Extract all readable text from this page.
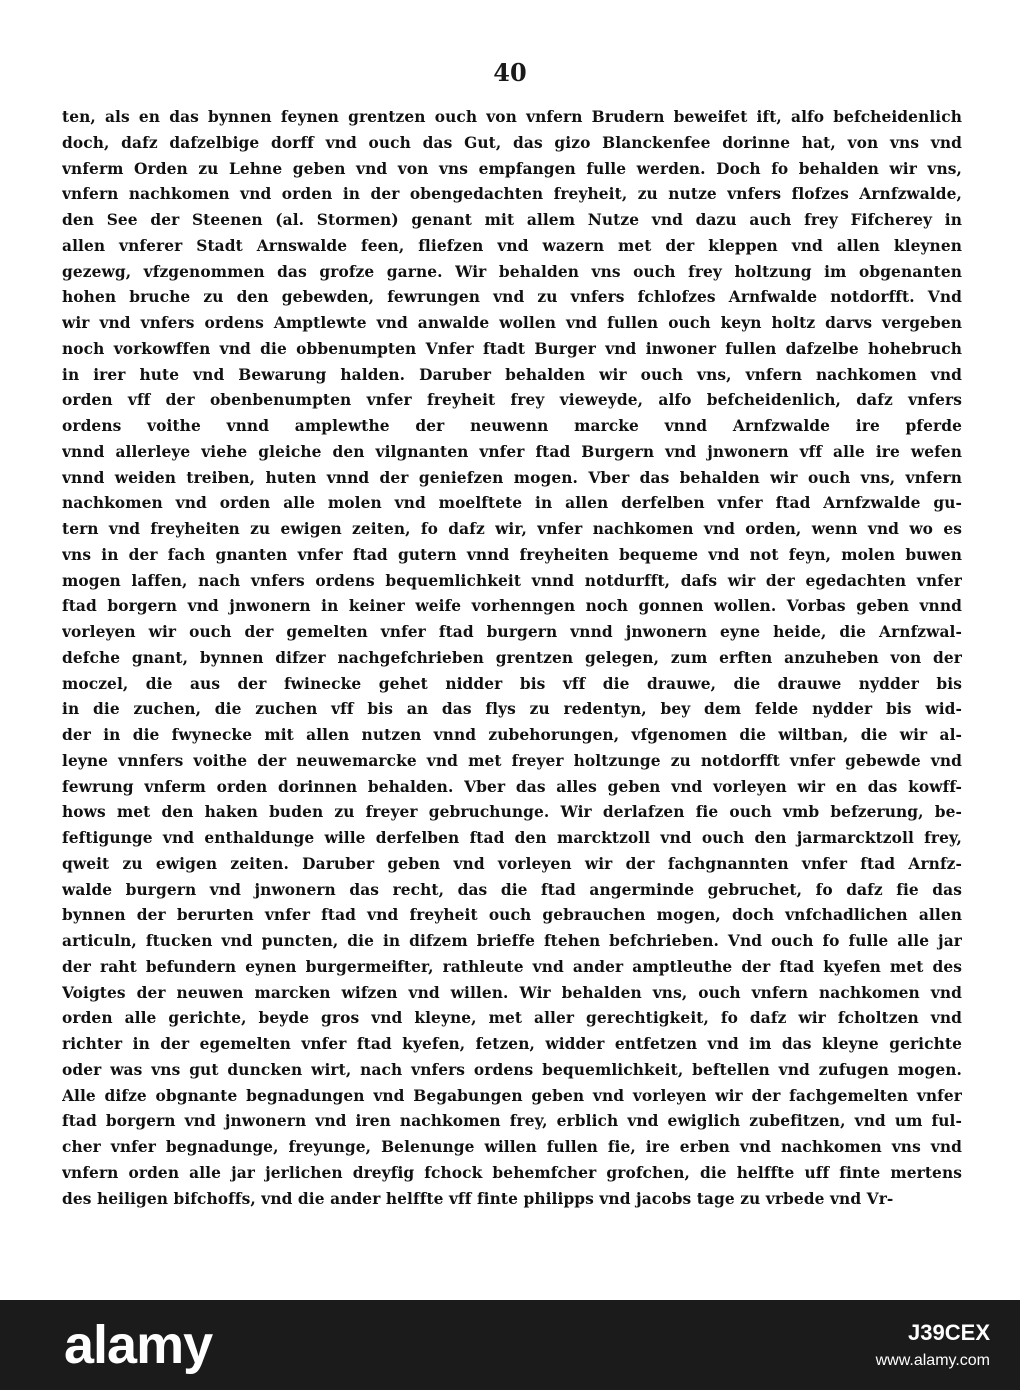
40
ten, als en das bynnen feynen grentzen ouch von vnfern Brudern beweifet ift, alfo befcheidenlich
doch, dafz dafzelbige dorff vnd ouch das Gut, das gizo Blanckenfee dorinne hat, von vns vnd
vnferm Orden zu Lehne geben vnd von vns empfangen fulle werden. Doch fo behalden wir vns,
vnfern nachkomen vnd orden in der obengedachten freyheit, zu nutze vnfers flofzes Arnfzwalde,
den See der Steenen (al. Stormen) genant mit allem Nutze vnd dazu auch frey Fifcherey in
allen vnferer Stadt Arnswalde feen, fliefzen vnd wazern met der kleppen vnd allen kleynen
gezewg, vfzgenommen das grofze garne. Wir behalden vns ouch frey holtzung im obgenanten
hohen bruche zu den gebewden, fewrungen vnd zu vnfers fchlofzes Arnfwalde notdorfft. Vnd
wir vnd vnfers ordens Amptlewte vnd anwalde wollen vnd fullen ouch keyn holtz darvs vergeben
noch vorkowffen vnd die obbenumpten Vnfer ftadt Burger vnd inwoner fullen dafzelbe hohebruch
in irer hute vnd Bewarung halden. Daruber behalden wir ouch vns, vnfern nachkomen vnd
orden vff der obenbenumpten vnfer freyheit frey vieweyde, alfo befcheidenlich, dafz vnfers
ordens voithe vnnd amplewthe der neuwenn marcke vnnd Arnfzwalde ire pferde
vnnd allerleye viehe gleiche den vilgnanten vnfer ftad Burgern vnd jnwonern vff alle ire wefen
vnnd weiden treiben, huten vnnd der geniefzen mogen. Vber das behalden wir ouch vns, vnfern
nachkomen vnd orden alle molen vnd moelftete in allen derfelben vnfer ftad Arnfzwalde gu-
tern vnd freyheiten zu ewigen zeiten, fo dafz wir, vnfer nachkomen vnd orden, wenn vnd wo es
vns in der fach gnanten vnfer ftad gutern vnnd freyheiten bequeme vnd not feyn, molen buwen
mogen laffen, nach vnfers ordens bequemlichkeit vnnd notdurfft, dafs wir der egedachten vnfer
ftad borgern vnd jnwonern in keiner weife vorhenngen noch gonnen wollen. Vorbas geben vnnd
vorleyen wir ouch der gemelten vnfer ftad burgern vnnd jnwonern eyne heide, die Arnfzwal-
defche gnant, bynnen difzer nachgefchrieben grentzen gelegen, zum erften anzuheben von der
moczel, die aus der fwinecke gehet nidder bis vff die drauwe, die drauwe nydder bis
in die zuchen, die zuchen vff bis an das flys zu redentyn, bey dem felde nydder bis wid-
der in die fwynecke mit allen nutzen vnnd zubehorungen, vfgenomen die wiltban, die wir al-
leyne vnnfers voithe der neuwemarcke vnd met freyer holtzunge zu notdorfft vnfer gebewde vnd
fewrung vnferm orden dorinnen behalden. Vber das alles geben vnd vorleyen wir en das kowff-
hows met den haken buden zu freyer gebruchunge. Wir derlafzen fie ouch vmb befzerung, be-
feftigunge vnd enthaldunge wille derfelben ftad den marcktzoll vnd ouch den jarmarcktzoll frey,
qweit zu ewigen zeiten. Daruber geben vnd vorleyen wir der fachgnannten vnfer ftad Arnfz-
walde burgern vnd jnwonern das recht, das die ftad angerminde gebruchet, fo dafz fie das
bynnen der berurten vnfer ftad vnd freyheit ouch gebrauchen mogen, doch vnfchadlichen allen
articuln, ftucken vnd puncten, die in difzem brieffe ftehen befchrieben. Vnd ouch fo fulle alle jar
der raht befundern eynen burgermeifter, rathleute vnd ander amptleuthe der ftad kyefen met des
Voigtes der neuwen marcken wifzen vnd willen. Wir behalden vns, ouch vnfern nachkomen vnd
orden alle gerichte, beyde gros vnd kleyne, met aller gerechtigkeit, fo dafz wir fcholtzen vnd
richter in der egemelten vnfer ftad kyefen, fetzen, widder entfetzen vnd im das kleyne gerichte
oder was vns gut duncken wirt, nach vnfers ordens bequemlichkeit, beftellen vnd zufugen mogen.
Alle difze obgnante begnadungen vnd Begabungen geben vnd vorleyen wir der fachgemelten vnfer
ftad borgern vnd jnwonern vnd iren nachkomen frey, erblich vnd ewiglich zubefitzen, vnd um ful-
cher vnfer begnadunge, freyunge, Belenunge willen fullen fie, ire erben vnd nachkomen vns vnd
vnfern orden alle jar jerlichen dreyfig fchock behemfcher grofchen, die helffte uff finte mertens
des heiligen bifchoffs, vnd die ander helffte vff finte philipps vnd jacobs tage zu vrbede vnd Vr-
alamy	J39CEX
www.alamy.com
